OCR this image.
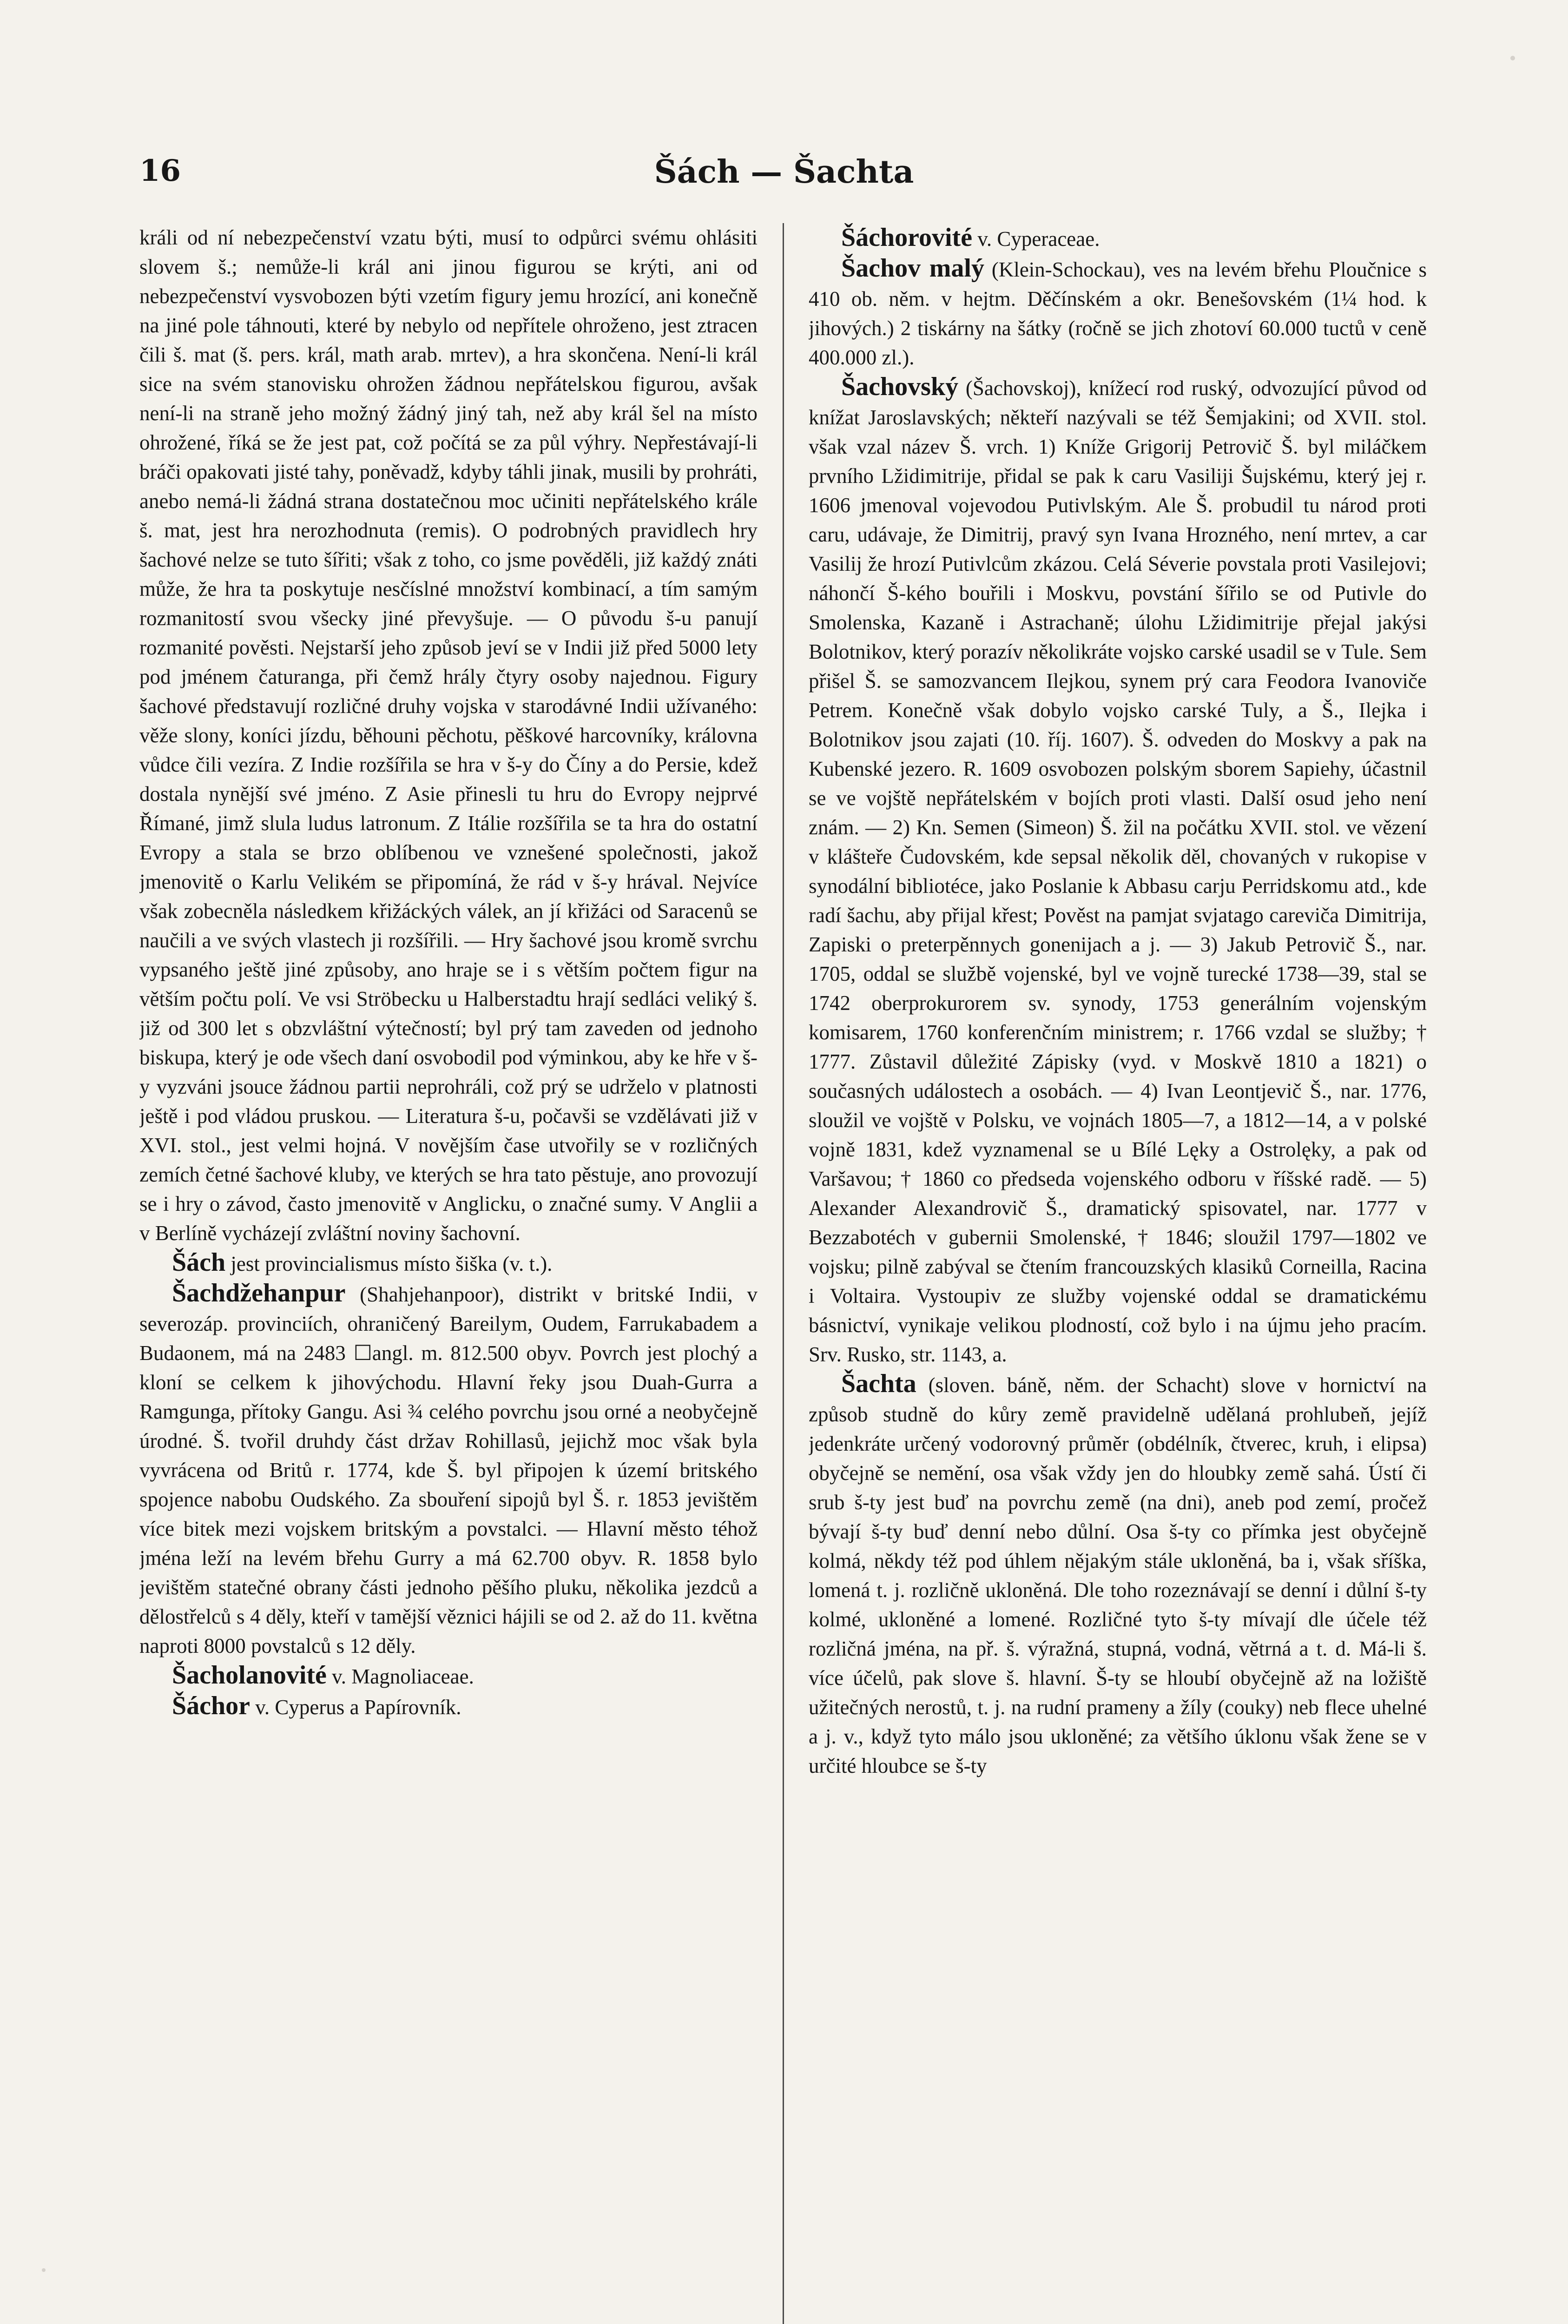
16	Šách — Šachta

králi od ní nebezpečenství vzatu býti, musí to odpůrci svému ohlásiti slovem š.; nemůže-li král ani jinou figurou se krýti, ani od nebezpečenství vysvobozen býti vzetím figury jemu hrozící, ani konečně na jiné pole táhnouti, které by nebylo od nepřítele ohroženo, jest ztracen čili š. mat (š. pers. král, math arab. mrtev), a hra skončena. Není-li král sice na svém stanovisku ohrožen žádnou nepřátelskou figurou, avšak není-li na straně jeho možný žádný jiný tah, než aby král šel na místo ohrožené, říká se že jest pat, což počítá se za půl výhry. Nepřestávají-li bráči opakovati jisté tahy, poněvadž, kdyby táhli jinak, musili by prohráti, anebo nemá-li žádná strana dostatečnou moc učiniti nepřátelského krále š. mat, jest hra nerozhodnuta (remis). O podrobných pravidlech hry šachové nelze se tuto šířiti; však z toho, co jsme pověděli, již každý znáti může, že hra ta poskytuje nesčíslné množství kombinací, a tím samým rozmanitostí svou všecky jiné převyšuje. — O původu š-u panují rozmanité pověsti. Nejstarší jeho způsob jeví se v Indii již před 5000 lety pod jménem čaturanga, při čemž hrály čtyry osoby najednou. Figury šachové představují rozličné druhy vojska v starodávné Indii užívaného: věže slony, koníci jízdu, běhouni pěchotu, pěškové harcovníky, královna vůdce čili vezíra. Z Indie rozšířila se hra v š-y do Číny a do Persie, kdež dostala nynější své jméno. Z Asie přinesli tu hru do Evropy nejprvé Římané, jimž slula ludus latronum. Z Itálie rozšířila se ta hra do ostatní Evropy a stala se brzo oblíbenou ve vznešené společnosti, jakož jmenovitě o Karlu Velikém se připomíná, že rád v š-y hrával. Nejvíce však zobecněla následkem křižáckých válek, an jí křižáci od Saracenů se naučili a ve svých vlastech ji rozšířili. — Hry šachové jsou kromě svrchu vypsaného ještě jiné způsoby, ano hraje se i s větším počtem figur na větším počtu polí. Ve vsi Ströbecku u Halberstadtu hrají sedláci veliký š. již od 300 let s obzvláštní výtečností; byl prý tam zaveden od jednoho biskupa, který je ode všech daní osvobodil pod výminkou, aby ke hře v š-y vyzváni jsouce žádnou partii neprohráli, což prý se udrželo v platnosti ještě i pod vládou pruskou. — Literatura š-u, počavši se vzdělávati již v XVI. stol., jest velmi hojná. V novějším čase utvořily se v rozličných zemích četné šachové kluby, ve kterých se hra tato pěstuje, ano provozují se i hry o závod, často jmenovitě v Anglicku, o značné sumy. V Anglii a v Berlíně vycházejí zvláštní noviny šachovní.

Šách jest provincialismus místo šiška (v. t.).

Šachdžehanpur (Shahjehanpoor), distrikt v britské Indii, v severozáp. provinciích, ohraničený Bareilym, Oudem, Farrukabadem a Budaonem, má na 2483 ☐angl. m. 812.500 obyv. Povrch jest plochý a kloní se celkem k jihovýchodu. Hlavní řeky jsou Duah-Gurra a Ramgunga, přítoky Gangu. Asi ¾ celého povrchu jsou orné a neobyčejně úrodné. Š. tvořil druhdy část držav Rohillasů, jejichž moc však byla vyvrácena od Britů r. 1774, kde Š. byl připojen k území britského spojence nabobu Oudského. Za sbouření sipojů byl Š. r. 1853 jevištěm více bitek mezi vojskem britským a povstalci. — Hlavní město téhož jména leží na levém břehu Gurry a má 62.700 obyv. R. 1858 bylo jevištěm statečné obrany části jednoho pěšího pluku, několika jezdců a dělostřelců s 4 děly, kteří v tamější věznici hájili se od 2. až do 11. května naproti 8000 povstalců s 12 děly.

Šacholanovité v. Magnoliaceae.

Šáchor v. Cyperus a Papírovník.

Šáchorovité v. Cyperaceae.

Šachov malý (Klein-Schockau), ves na levém břehu Ploučnice s 410 ob. něm. v hejtm. Děčínském a okr. Benešovském (1¼ hod. k jihových.) 2 tiskárny na šátky (ročně se jich zhotoví 60.000 tuctů v ceně 400.000 zl.).

Šachovský (Šachovskoj), knížecí rod ruský, odvozující původ od knížat Jaroslavských; někteří nazývali se též Šemjakini; od XVII. stol. však vzal název Š. vrch. 1) Kníže Grigorij Petrovič Š. byl miláčkem prvního Lžidimitrije, přidal se pak k caru Vasiliji Šujskému, který jej r. 1606 jmenoval vojevodou Putivlským. Ale Š. probudil tu národ proti caru, udávaje, že Dimitrij, pravý syn Ivana Hrozného, není mrtev, a car Vasilij že hrozí Putivlcům zkázou. Celá Séverie povstala proti Vasilejovi; náhončí Š-kého bouřili i Moskvu, povstání šířilo se od Putivle do Smolenska, Kazaně i Astrachaně; úlohu Lžidimitrije přejal jakýsi Bolotnikov, který porazív několikráte vojsko carské usadil se v Tule. Sem přišel Š. se samozvancem Ilejkou, synem prý cara Feodora Ivanoviče Petrem. Konečně však dobylo vojsko carské Tuly, a Š., Ilejka i Bolotnikov jsou zajati (10. říj. 1607). Š. odveden do Moskvy a pak na Kubenské jezero. R. 1609 osvobozen polským sborem Sapiehy, účastnil se ve vojště nepřátelském v bojích proti vlasti. Další osud jeho není znám. — 2) Kn. Semen (Simeon) Š. žil na počátku XVII. stol. ve vězení v klášteře Čudovském, kde sepsal několik děl, chovaných v rukopise v synodální bibliotéce, jako Poslanie k Abbasu carju Perridskomu atd., kde radí šachu, aby přijal křest; Pověst na pamjat svjatago careviča Dimitrija, Zapiski o preterpěnnych gonenijach a j. — 3) Jakub Petrovič Š., nar. 1705, oddal se službě vojenské, byl ve vojně turecké 1738—39, stal se 1742 oberprokurorem sv. synody, 1753 generálním vojenským komisarem, 1760 konferenčním ministrem; r. 1766 vzdal se služby; † 1777. Zůstavil důležité Zápisky (vyd. v Moskvě 1810 a 1821) o současných událostech a osobách. — 4) Ivan Leontjevič Š., nar. 1776, sloužil ve vojště v Polsku, ve vojnách 1805—7, a 1812—14, a v polské vojně 1831, kdež vyznamenal se u Bílé Lęky a Ostrolęky, a pak od Varšavou; † 1860 co předseda vojenského odboru v říšské radě. — 5) Alexander Alexandrovič Š., dramatický spisovatel, nar. 1777 v Bezzabotéch v gubernii Smolenské, † 1846; sloužil 1797—1802 ve vojsku; pilně zabýval se čtením francouzských klasiků Corneilla, Racina i Voltaira. Vystoupiv ze služby vojenské oddal se dramatickému básnictví, vynikaje velikou plodností, což bylo i na újmu jeho pracím. Srv. Rusko, str. 1143, a.

Šachta (sloven. báně, něm. der Schacht) slove v hornictví na způsob studně do kůry země pravidelně udělaná prohlubeň, jejíž jedenkráte určený vodorovný průměr (obdélník, čtverec, kruh, i elipsa) obyčejně se nemění, osa však vždy jen do hloubky země sahá. Ústí či srub š-ty jest buď na povrchu země (na dni), aneb pod zemí, pročež bývají š-ty buď denní nebo důlní. Osa š-ty co přímka jest obyčejně kolmá, někdy též pod úhlem nějakým stále ukloněná, ba i, však sříška, lomená t. j. rozličně ukloněná. Dle toho rozeznávají se denní i důlní š-ty kolmé, ukloněné a lomené. Rozličné tyto š-ty mívají dle účele též rozličná jména, na př. š. výražná, stupná, vodná, větrná a t. d. Má-li š. více účelů, pak slove š. hlavní. Š-ty se hloubí obyčejně až na ložiště užitečných nerostů, t. j. na rudní prameny a žíly (couky) neb flece uhelné a j. v., když tyto málo jsou ukloněné; za většího úklonu však žene se v určité hloubce se š-ty
